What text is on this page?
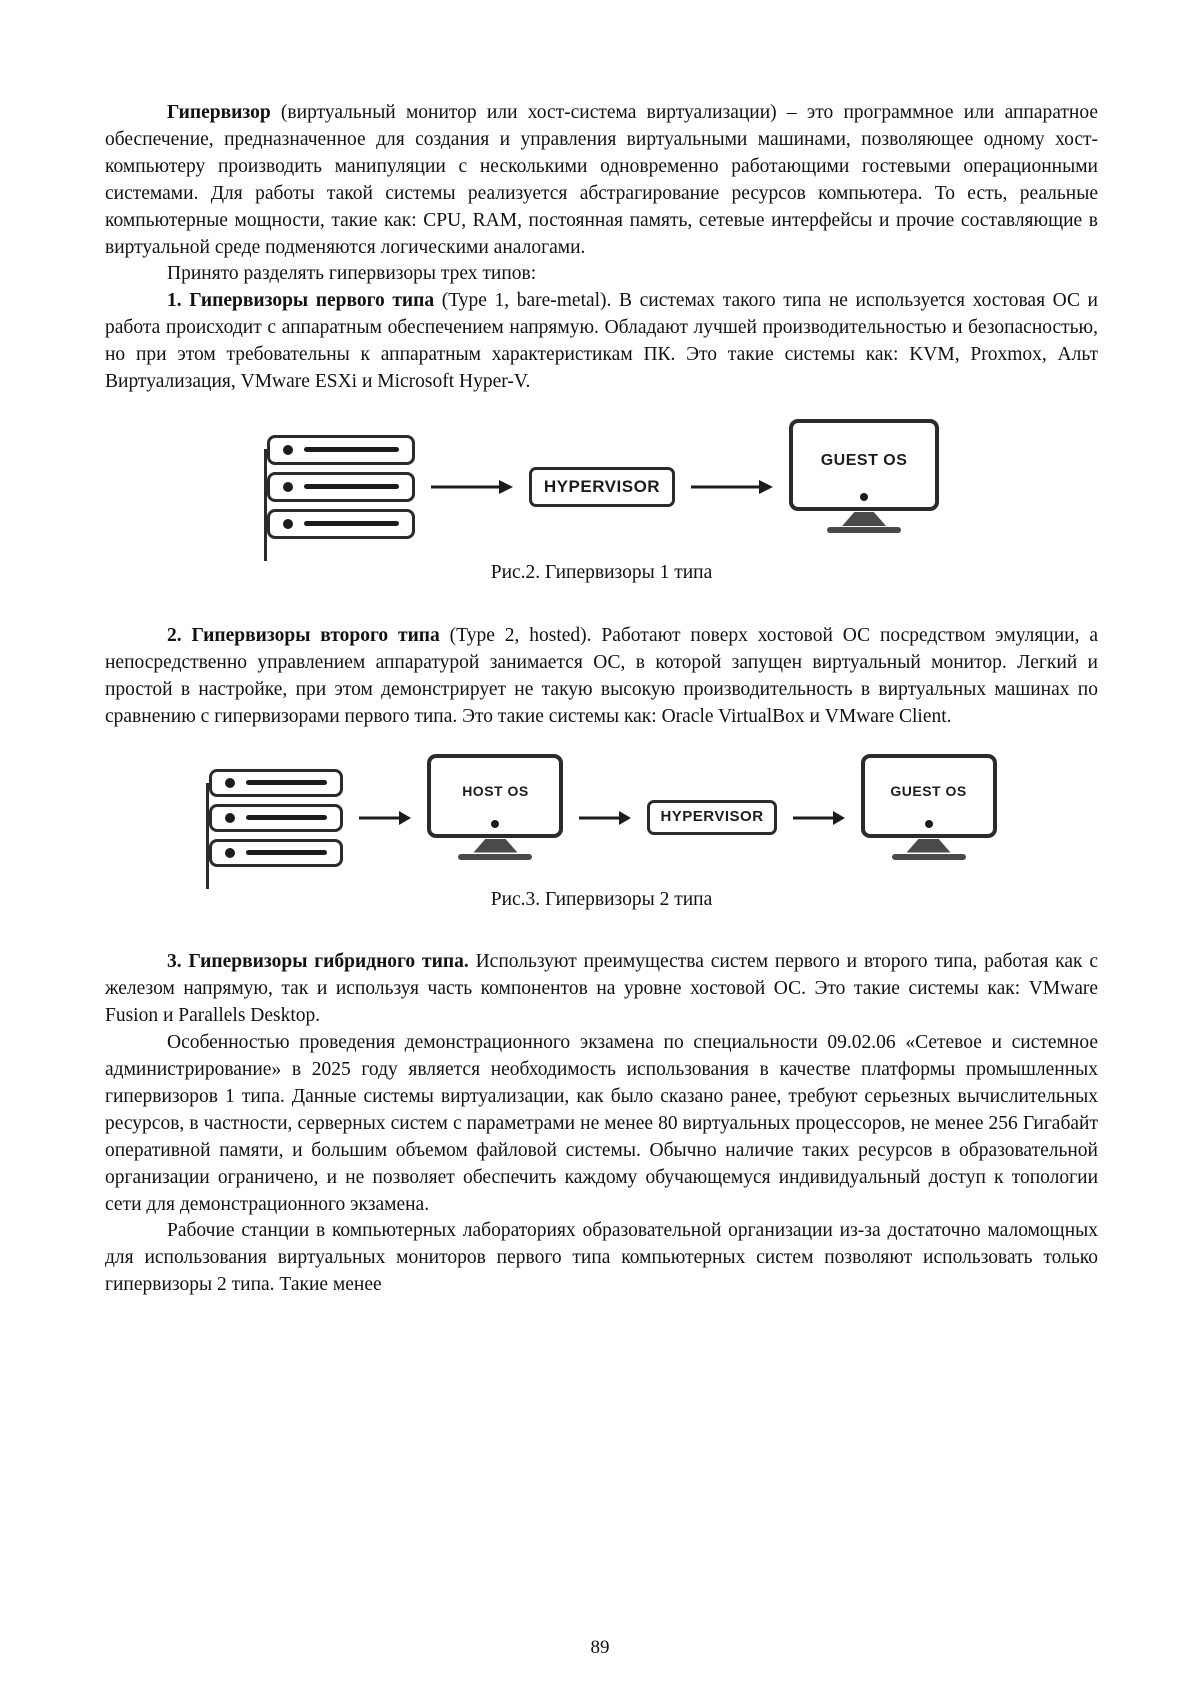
Гипервизор (виртуальный монитор или хост-система виртуализации) – это программное или аппаратное обеспечение, предназначенное для создания и управления виртуальными машинами, позволяющее одному хост-компьютеру производить манипуляции с несколькими одновременно работающими гостевыми операционными системами. Для работы такой системы реализуется абстрагирование ресурсов компьютера. То есть, реальные компьютерные мощности, такие как: CPU, RAM, постоянная память, сетевые интерфейсы и прочие составляющие в виртуальной среде подменяются логическими аналогами.

Принято разделять гипервизоры трех типов:

1. Гипервизоры первого типа (Type 1, bare-metal). В системах такого типа не используется хостовая ОС и работа происходит с аппаратным обеспечением напрямую. Обладают лучшей производительностью и безопасностью, но при этом требовательны к аппаратным характеристикам ПК. Это такие системы как: KVM, Proxmox, Альт Виртуализация, VMware ESXi и Microsoft Hyper-V.

HYPERVISOR
GUEST OS

Рис.2. Гипервизоры 1 типа

2. Гипервизоры второго типа (Type 2, hosted). Работают поверх хостовой ОС посредством эмуляции, а непосредственно управлением аппаратурой занимается ОС, в которой запущен виртуальный монитор. Легкий и простой в настройке, при этом демонстрирует не такую высокую производительность в виртуальных машинах по сравнению с гипервизорами первого типа. Это такие системы как: Oracle VirtualBox и VMware Client.

HOST OS
HYPERVISOR
GUEST OS

Рис.3. Гипервизоры 2 типа

3. Гипервизоры гибридного типа. Используют преимущества систем первого и второго типа, работая как с железом напрямую, так и используя часть компонентов на уровне хостовой ОС. Это такие системы как: VMware Fusion и Parallels Desktop.

Особенностью проведения демонстрационного экзамена по специальности 09.02.06 «Сетевое и системное администрирование» в 2025 году является необходимость использования в качестве платформы промышленных гипервизоров 1 типа. Данные системы виртуализации, как было сказано ранее, требуют серьезных вычислительных ресурсов, в частности, серверных систем с параметрами не менее 80 виртуальных процессоров, не менее 256 Гигабайт оперативной памяти, и большим объемом файловой системы. Обычно наличие таких ресурсов в образовательной организации ограничено, и не позволяет обеспечить каждому обучающемуся индивидуальный доступ к топологии сети для демонстрационного экзамена.

Рабочие станции в компьютерных лабораториях образовательной организации из-за достаточно маломощных для использования виртуальных мониторов первого типа компьютерных систем позволяют использовать только гипервизоры 2 типа. Такие менее

89
